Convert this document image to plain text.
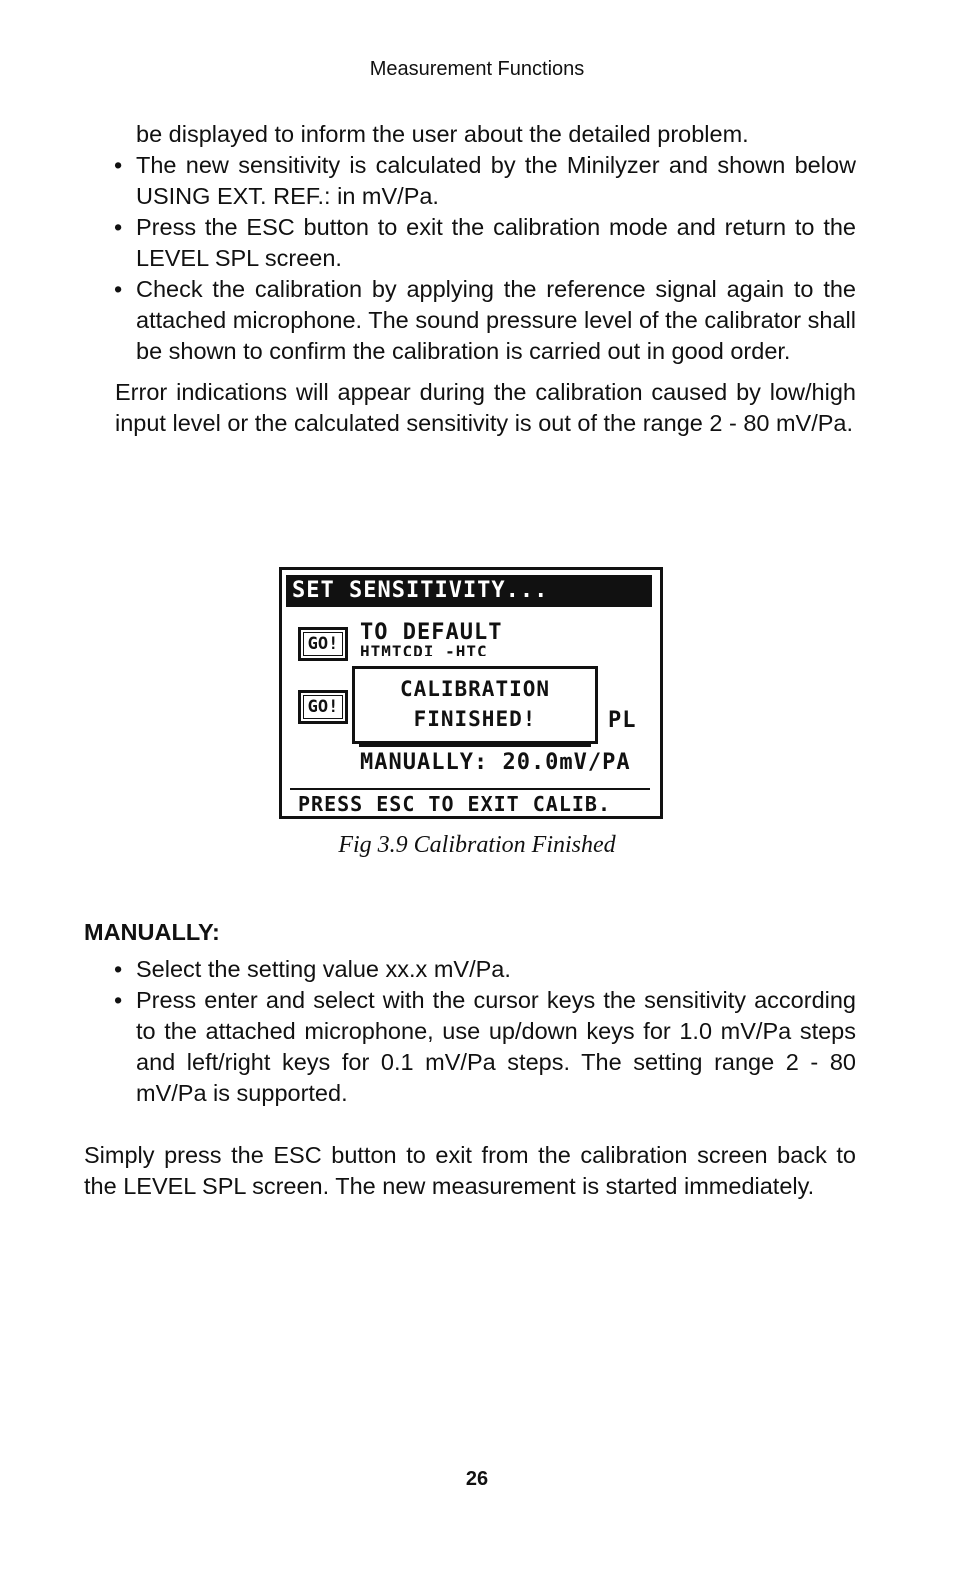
Measurement Functions
be displayed to inform the user about the detailed problem.
• The new sensitivity is calculated by the Minilyzer and shown below USING EXT. REF.: in mV/Pa.
• Press the ESC button to exit the calibration mode and return to the LEVEL SPL screen.
• Check the calibration by applying the reference signal again to the attached microphone. The sound pressure level of the calibrator shall be shown to confirm the calibration is carried out in good order.
Error indications will appear during the calibration caused by low/high input level or the calculated sensitivity is out of the range 2 - 80 mV/Pa.
SET SENSITIVITY...
GO! TO DEFAULT
HTMTCDI -HTC
GO!
CALIBRATION
FINISHED!	PL
MANUALLY: 20.0mV/PA
PRESS ESC TO EXIT CALIB.
Fig 3.9 Calibration Finished
MANUALLY:
• Select the setting value xx.x mV/Pa.
• Press enter and select with the cursor keys the sensitivity according to the attached microphone, use up/down keys for 1.0 mV/Pa steps and left/right keys for 0.1 mV/Pa steps. The setting range 2 - 80 mV/Pa is supported.
Simply press the ESC button to exit from the calibration screen back to the LEVEL SPL screen. The new measurement is started immediately.
26
